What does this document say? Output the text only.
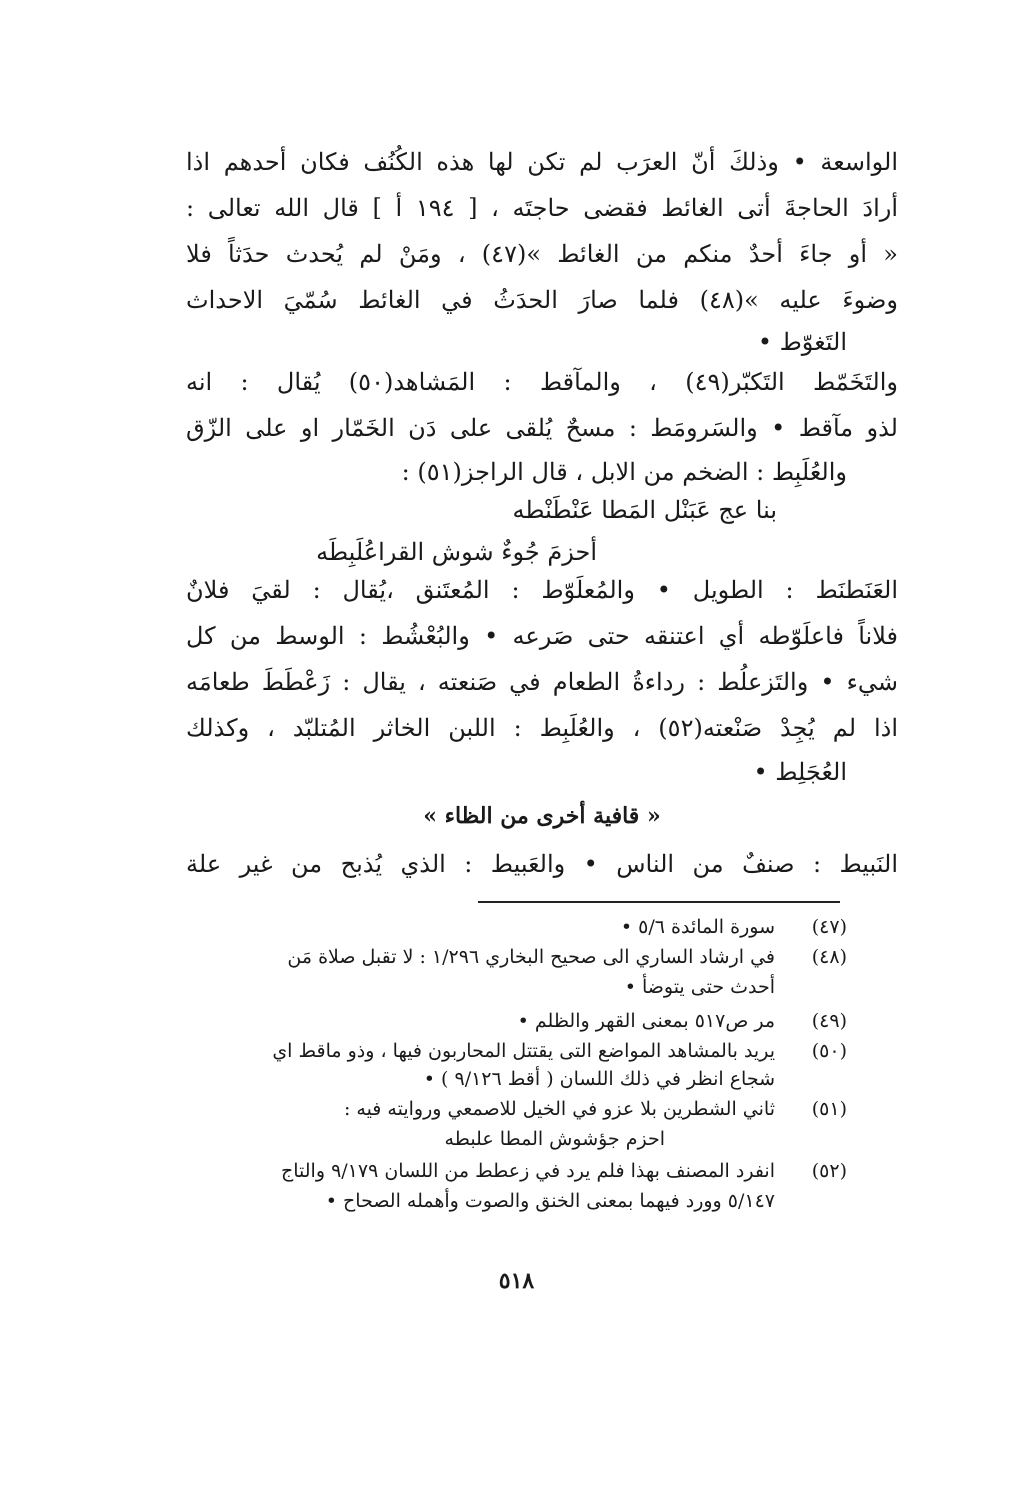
الواسعة • وذلكَ أنّ العرَب لم تكن لها هذه الكُنُف فكان أحدهم اذا
أرادَ الحاجةَ أتى الغائط فقضى حاجتَه ، [ ١٩٤ أ ] قال الله تعالى :
« أو جاءَ أحدٌ منكم من الغائط »(٤٧) ، ومَنْ لم يُحدث حدَثاً فلا
وضوءَ عليه »(٤٨) فلما صارَ الحدَثُ في الغائط سُمّيَ الاحداث
التَغوّط •
والتَخَمّط التَكبّر(٤٩) ، والمآقط : المَشاهد(٥٠) يُقال : انه
لذو مآقط • والسَرومَط : مسحٌ يُلقى على دَن الخَمّار او على الزّق
والعُلَبِط : الضخم من الابل ، قال الراجز(٥١) :
بنا عج عَبَنْل المَطا عَنْطَنْطه
أحزمَ جُوءٌ شوش القراعُلَبِطَه
العَنَطنَط : الطويل • والمُعلَوّط : المُعتَنق ،يُقال : لقيَ فلانٌ
فلاناً فاعلَوّطه أي اعتنقه حتى صَرعه • والبُعْشُط : الوسط من كل
شيء • والتَزعلُط : رداءةُ الطعام في صَنعته ، يقال : زَعْطَطَ طعامَه
اذا لم يُجِدْ صَنْعته(٥٢) ، والعُلَبِط : اللبن الخاثر المُتلبّد ، وكذلك
العُجَلِط •
« قافية أخرى من الظاء »
النَبيط : صنفٌ من الناس • والعَبيط : الذي يُذبح من غير علة
(٤٧)
سورة المائدة ٥/٦ •
(٤٨)
في ارشاد الساري الى صحيح البخاري ١/٢٩٦ : لا تقبل صلاة مَن
أحدث حتى يتوضأ •
(٤٩)
مر ص٥١٧ بمعنى القهر والظلم •
(٥٠)
يريد بالمشاهد المواضع التى يقتتل المحاربون فيها ، وذو ماقط اي
شجاع انظر في ذلك اللسان ( أقط ٩/١٢٦ ) •
(٥١)
ثاني الشطرين بلا عزو في الخيل للاصمعي وروايته فيه :
احزم جؤشوش المطا علبطه
(٥٢)
انفرد المصنف بهذا فلم يرد في زعطط من اللسان ٩/١٧٩ والتاج
٥/١٤٧ وورد فيهما بمعنى الخنق والصوت وأهمله الصحاح •
٥١٨
